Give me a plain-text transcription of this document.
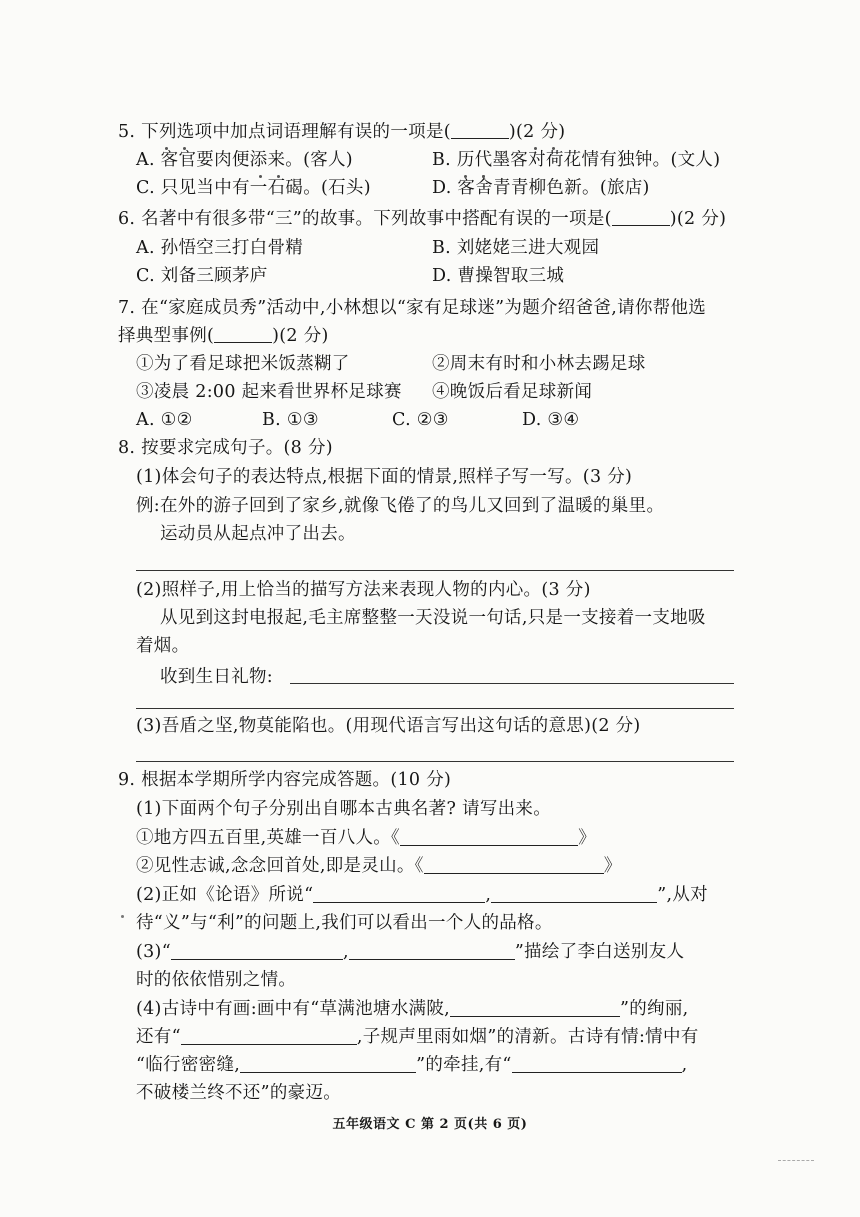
5. 下列选项中加点词语理解有误的一项是(	)(2 分)
A. 客官要肉便添来。(客人)	B. 历代墨客对荷花情有独钟。(文人)
C. 只见当中有一石碣。(石头)	D. 客舍青青柳色新。(旅店)
6. 名著中有很多带“三”的故事。下列故事中搭配有误的一项是(	)(2 分)
A. 孙悟空三打白骨精	B. 刘姥姥三进大观园
C. 刘备三顾茅庐	D. 曹操智取三城
7. 在“家庭成员秀”活动中,小林想以“家有足球迷”为题介绍爸爸,请你帮他选
择典型事例(	)(2 分)
①为了看足球把米饭蒸糊了	②周末有时和小林去踢足球
③凌晨 2:00 起来看世界杯足球赛 ④晚饭后看足球新闻
A. ①②	B. ①③	C. ②③	D. ③④
8. 按要求完成句子。(8 分)
(1)体会句子的表达特点,根据下面的情景,照样子写一写。(3 分)
例:在外的游子回到了家乡,就像飞倦了的鸟儿又回到了温暖的巢里。
运动员从起点冲了出去。
(2)照样子,用上恰当的描写方法来表现人物的内心。(3 分)
从见到这封电报起,毛主席整整一天没说一句话,只是一支接着一支地吸
着烟。
收到生日礼物:
(3)吾盾之坚,物莫能陷也。(用现代语言写出这句话的意思)(2 分)
9. 根据本学期所学内容完成答题。(10 分)
(1)下面两个句子分别出自哪本古典名著? 请写出来。
①地方四五百里,英雄一百八人。《	》
②见性志诚,念念回首处,即是灵山。《	》
(2)正如《论语》所说“	,	”,从对
待“义”与“利”的问题上,我们可以看出一个人的品格。
(3)“	,	”描绘了李白送别友人
时的依依惜别之情。
(4)古诗中有画:画中有“草满池塘水满陂,	”的绚丽,
还有“	,子规声里雨如烟”的清新。古诗有情:情中有
“临行密密缝,	”的牵挂,有“	,
不破楼兰终不还”的豪迈。
五年级语文 C 第 2 页(共 6 页)
